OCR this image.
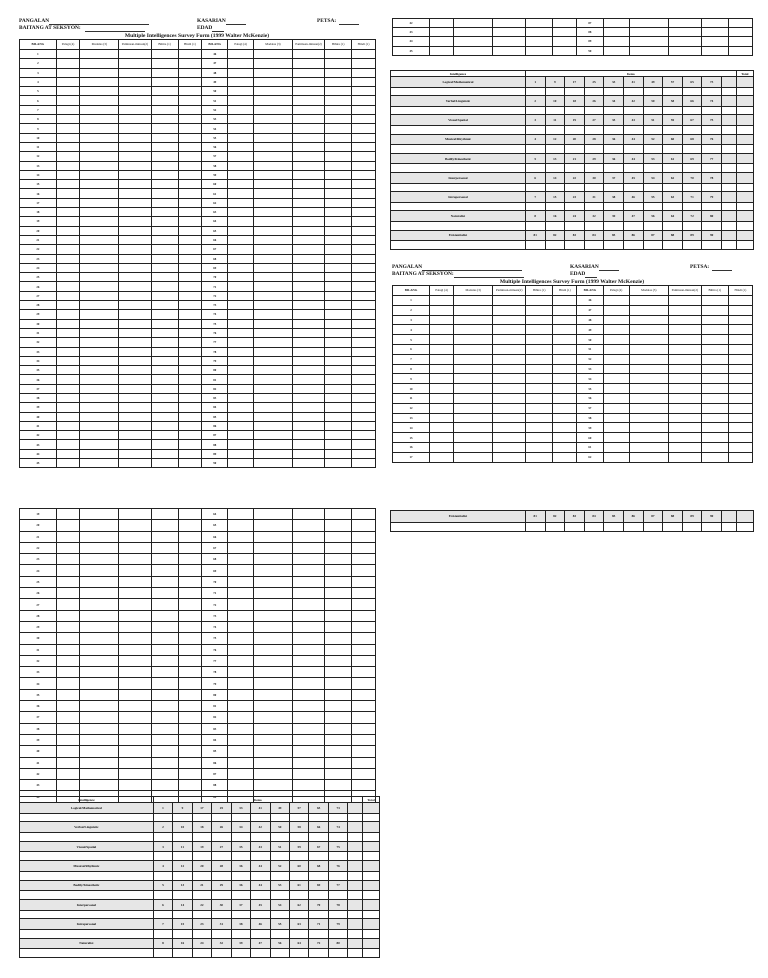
PANGALAN	KASARIAN	PETSA:
BAITANG AT SEKSYON:	EDAD
Multiple Intelligences Survey Form (1999 Walter McKenzie)
BILANG	Palagi (4)	Madalas (3)	Paminsan-minsan(2)	Bihira (1)	Hindi (1)	BILANG	Palagi (4)	Madalas (3)	Paminsan-minsan(2)	Bihira (1)	Hindi (1)
1						46					
2						47					
3						48					
4						49					
5						50					
6						51					
7						52					
8						53					
9						54					
10						55					
11						56					
12						57					
13						58					
14						59					
15						60					
16						61					
17						62					
18						63					
19						64					
20						65					
21						66					
22						67					
23						68					
24						69					
25						70					
26						71					
27						72					
28						73					
29						74					
30						75					
31						76					
32						77					
33						78					
34						79					
35						80					
36						81					
37						82					
38						83					
39						84					
40						85					
41						86					
42						87					
43						88					
44						89					
45						90					
19						64					
20						65					
21						66					
22						67					
23						68					
24						69					
25						70					
26						71					
27						72					
28						73					
29						74					
30						75					
31						76					
32						77					
33						78					
34						79					
35						80					
36						81					
37						82					
38						83					
39						84					
40						85					
41						86					
42						87					
43						88					
44						89					

Intelligence	Items											Total
Logical/Mathematical	1	9	17	25	33	41	49	57	65	73		

Verbal/Linguistic	2	10	18	26	34	42	50	58	66	74		

Visual/Spatial	3	11	19	27	35	43	51	59	67	75		

Musical/Rhythmic	4	12	20	28	36	44	52	60	68	76		

Bodily/Kinesthetic	5	13	21	29	36	44	53	61	69	77		

Interpersonal	6	14	22	30	37	45	54	62	70	78		

Intrapersonal	7	15	23	31	38	46	55	63	71	79		

Naturalist	8	16	24	32	39	47	56	64	72	80		

42						87					
43						88					
44						89					
45						90					
Intelligence	Items											Total
Logical/Mathematical	1	9	17	25	33	41	49	57	65	73		

Verbal/Linguistic	2	10	18	26	34	42	50	58	66	74		

Visual/Spatial	3	11	19	27	35	43	51	59	67	75		

Musical/Rhythmic	4	12	20	28	36	44	52	60	68	76		

Bodily/Kinesthetic	5	13	21	29	36	44	53	61	69	77		

Interpersonal	6	14	22	30	37	45	54	62	70	78		

Intrapersonal	7	15	23	31	38	46	55	63	71	79		

Naturalist	8	16	24	32	39	47	56	64	72	80		

Existentialist	81	82	83	84	85	86	87	88	89	90		

PANGALAN	KASARIAN	PETSA:
BAITANG AT SEKSYON:	EDAD
Multiple Intelligences Survey Form (1999 Walter McKenzie)
BILANG	Palagi (4)	Madalas (3)	Paminsan-minsan(2)	Bihira (1)	Hindi (1)	BILANG	Palagi (4)	Madalas (3)	Paminsan-minsan(2)	Bihira (1)	Hindi (1)
1						46					
2						47					
3						48					
4						49					
5						50					
6						51					
7						52					
8						53					
9						54					
10						55					
11						56					
12						57					
13						58					
14						59					
15						60					
16						61					
17						62					
Existentialist	81	82	83	84	85	86	87	88	89	90		
